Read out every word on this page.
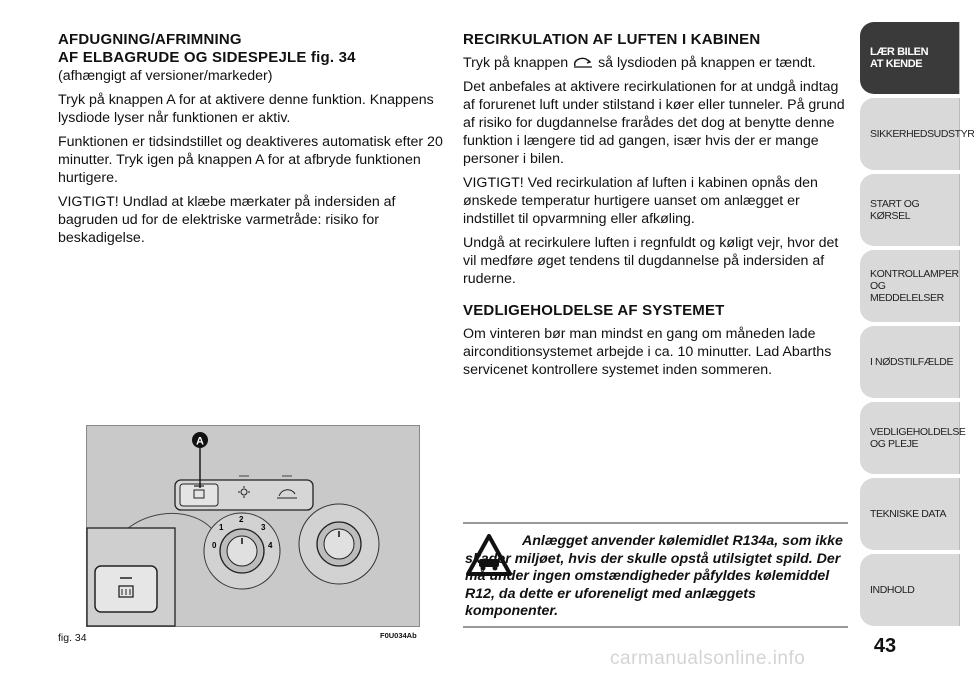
AFDUGNING/AFRIMNING
AF ELBAGRUDE OG SIDESPEJLE fig. 34

(afhængigt af versioner/markeder)

Tryk på knappen A for at aktivere denne funktion. Knappens lysdiode lyser når funktionen er aktiv.

Funktionen er tidsindstillet og deaktiveres automatisk efter 20 minutter. Tryk igen på knappen A for at afbryde funktionen hurtigere.

VIGTIGT! Undlad at klæbe mærkater på indersiden af bagruden ud for de elektriske varmetråde: risiko for beskadigelse.

RECIRKULATION AF LUFTEN I KABINEN

Tryk på knappen så lysdioden på knappen er tændt.

Det anbefales at aktivere recirkulationen for at undgå indtag af forurenet luft under stilstand i køer eller tunneler. På grund af risiko for dugdannelse frarådes det dog at benytte denne funktion i længere tid ad gangen, især hvis der er mange personer i bilen.

VIGTIGT! Ved recirkulation af luften i kabinen opnås den ønskede temperatur hurtigere uanset om anlægget er indstillet til opvarmning eller afkøling.

Undgå at recirkulere luften i regnfuldt og køligt vejr, hvor det vil medføre øget tendens til dugdannelse på indersiden af ruderne.

VEDLIGEHOLDELSE AF SYSTEMET

Om vinteren bør man mindst en gang om måneden lade airconditionsystemet arbejde i ca. 10 minutter. Lad Abarths servicenet kontrollere systemet inden sommeren.

A
0
1
2
3
4
fig. 34	F0U034Ab
Anlægget anvender kølemidlet R134a, som ikke skader miljøet, hvis der skulle opstå utilsigtet spild. Der må under ingen omstændigheder påfyldes kølemiddel R12, da dette er uforeneligt med anlæggets komponenter.
LÆR BILEN
AT KENDE
SIKKERHEDSUDSTYR
START OG KØRSEL
KONTROLLAMPER
OG MEDDELELSER
I NØDSTILFÆLDE
VEDLIGEHOLDELSE
OG PLEJE
TEKNISKE DATA
INDHOLD
43
carmanualsonline.info
